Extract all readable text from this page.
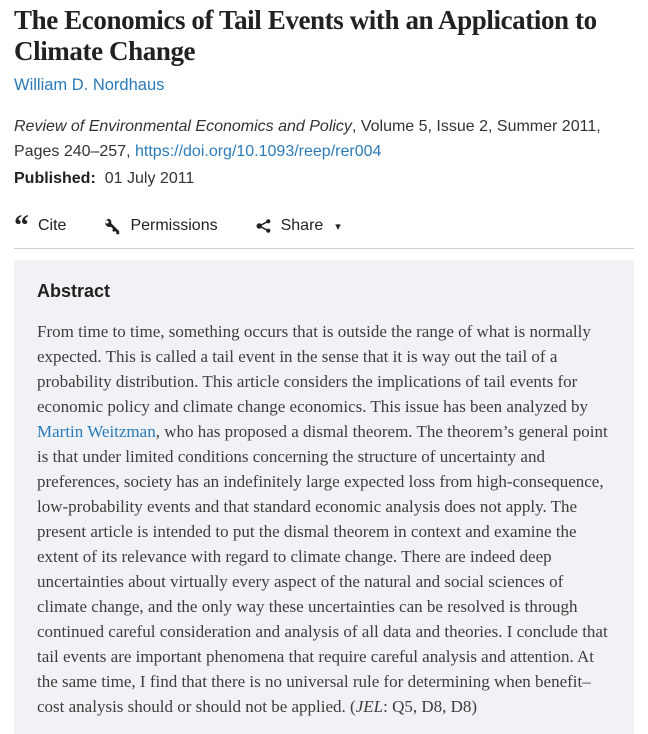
The Economics of Tail Events with an Application to Climate Change
William D. Nordhaus
Review of Environmental Economics and Policy, Volume 5, Issue 2, Summer 2011, Pages 240–257, https://doi.org/10.1093/reep/rer004
Published: 01 July 2011
“ Cite	Permissions	Share ▾
Abstract

From time to time, something occurs that is outside the range of what is normally expected. This is called a tail event in the sense that it is way out the tail of a probability distribution. This article considers the implications of tail events for economic policy and climate change economics. This issue has been analyzed by Martin Weitzman, who has proposed a dismal theorem. The theorem’s general point is that under limited conditions concerning the structure of uncertainty and preferences, society has an indefinitely large expected loss from high-consequence, low-probability events and that standard economic analysis does not apply. The present article is intended to put the dismal theorem in context and examine the extent of its relevance with regard to climate change. There are indeed deep uncertainties about virtually every aspect of the natural and social sciences of climate change, and the only way these uncertainties can be resolved is through continued careful consideration and analysis of all data and theories. I conclude that tail events are important phenomena that require careful analysis and attention. At the same time, I find that there is no universal rule for determining when benefit–cost analysis should or should not be applied. (JEL: Q5, D8, D8)
